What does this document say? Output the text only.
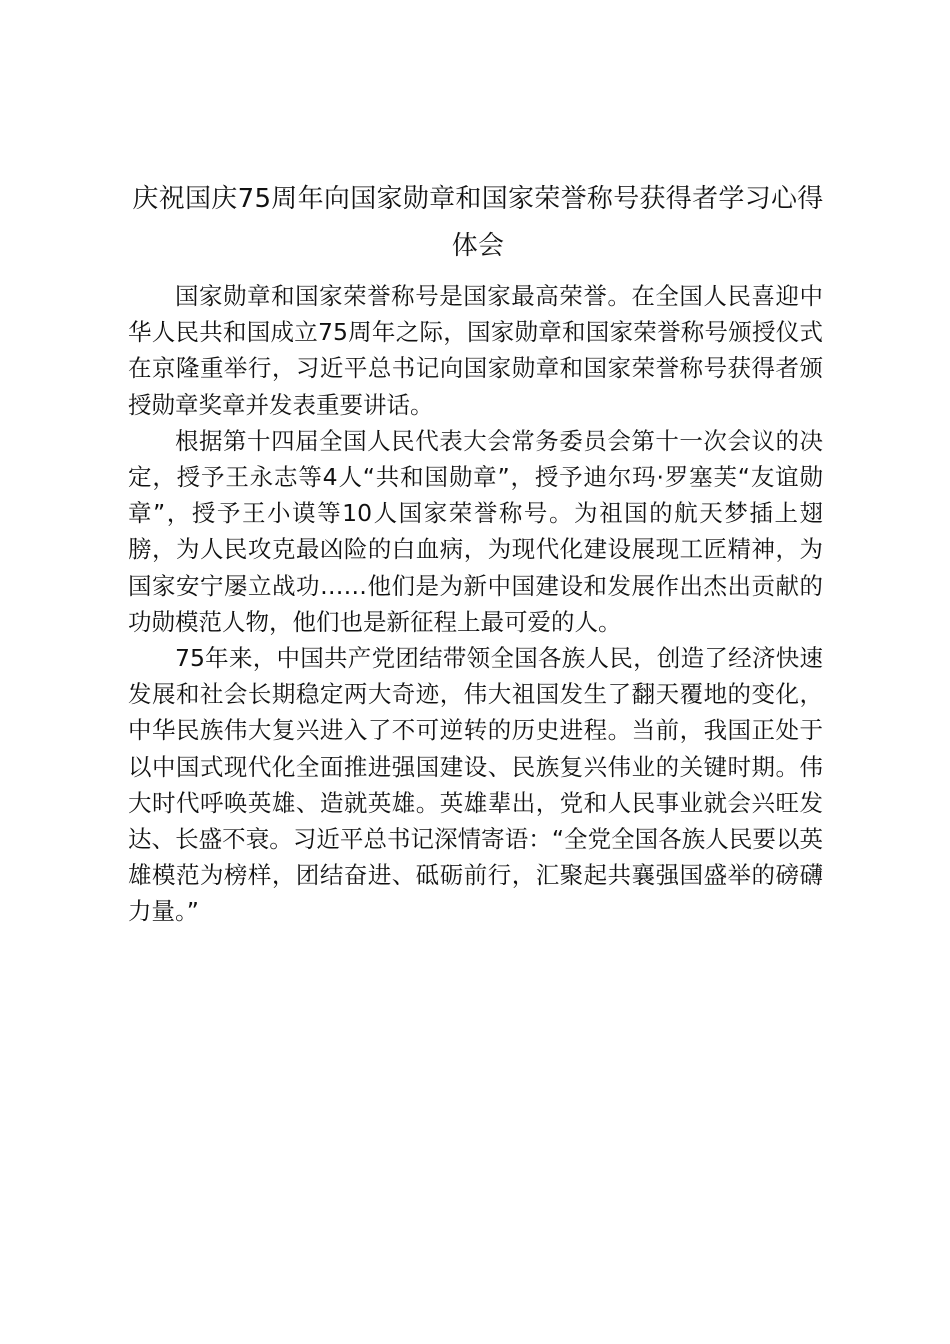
庆祝国庆75周年向国家勋章和国家荣誉称号获得者学习心得体会

国家勋章和国家荣誉称号是国家最高荣誉。在全国人民喜迎中华人民共和国成立75周年之际，国家勋章和国家荣誉称号颁授仪式在京隆重举行，习近平总书记向国家勋章和国家荣誉称号获得者颁授勋章奖章并发表重要讲话。

根据第十四届全国人民代表大会常务委员会第十一次会议的决定，授予王永志等4人“共和国勋章”，授予迪尔玛·罗塞芙“友谊勋章”，授予王小谟等10人国家荣誉称号。为祖国的航天梦插上翅膀，为人民攻克最凶险的白血病，为现代化建设展现工匠精神，为国家安宁屡立战功……他们是为新中国建设和发展作出杰出贡献的功勋模范人物，他们也是新征程上最可爱的人。

75年来，中国共产党团结带领全国各族人民，创造了经济快速发展和社会长期稳定两大奇迹，伟大祖国发生了翻天覆地的变化，中华民族伟大复兴进入了不可逆转的历史进程。当前，我国正处于以中国式现代化全面推进强国建设、民族复兴伟业的关键时期。伟大时代呼唤英雄、造就英雄。英雄辈出，党和人民事业就会兴旺发达、长盛不衰。习近平总书记深情寄语：“全党全国各族人民要以英雄模范为榜样，团结奋进、砥砺前行，汇聚起共襄强国盛举的磅礴力量。”
